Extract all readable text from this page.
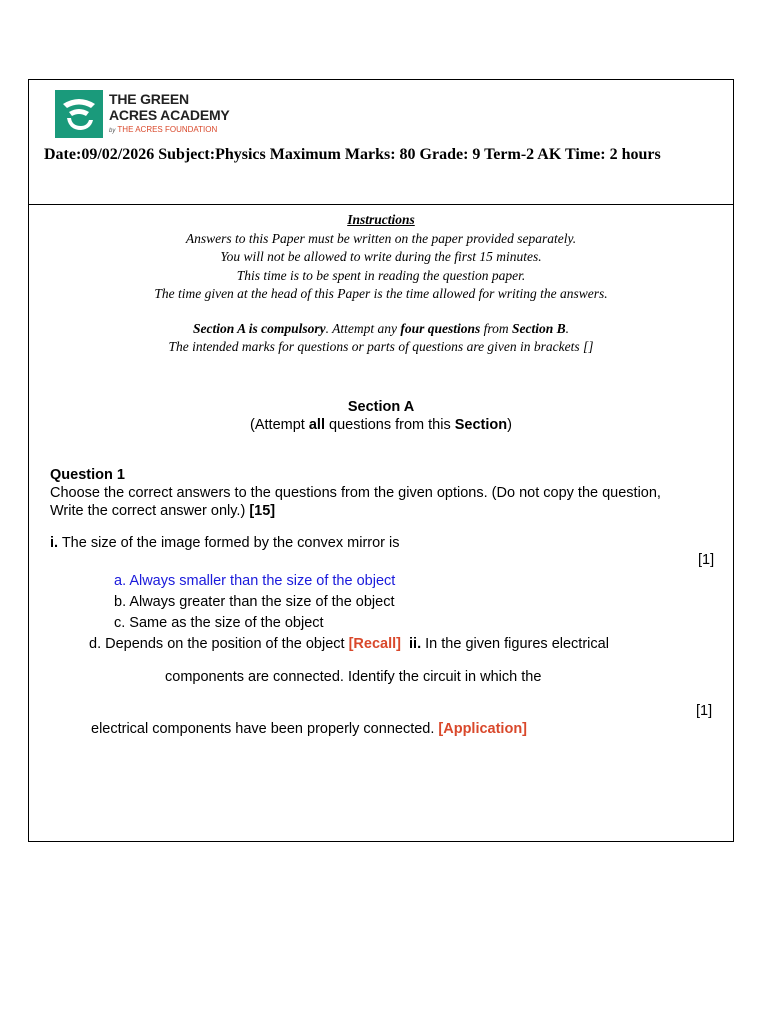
THE GREEN
ACRES ACADEMY
by THE ACRES FOUNDATION
Date:09/02/2026 Subject:Physics Maximum Marks: 80 Grade: 9 Term-2 AK Time: 2 hours
Instructions
Answers to this Paper must be written on the paper provided separately.
You will not be allowed to write during the first 15 minutes.
This time is to be spent in reading the question paper.
The time given at the head of this Paper is the time allowed for writing the answers.
Section A is compulsory. Attempt any four questions from Section B.
The intended marks for questions or parts of questions are given in brackets []
Section A
(Attempt all questions from this Section)
Question 1
Choose the correct answers to the questions from the given options. (Do not copy the question,
Write the correct answer only.) [15]
i. The size of the image formed by the convex mirror is
[1]
a. Always smaller than the size of the object
b. Always greater than the size of the object
c. Same as the size of the object
d. Depends on the position of the object [Recall] ii. In the given figures electrical
components are connected. Identify the circuit in which the
[1]
electrical components have been properly connected. [Application]
